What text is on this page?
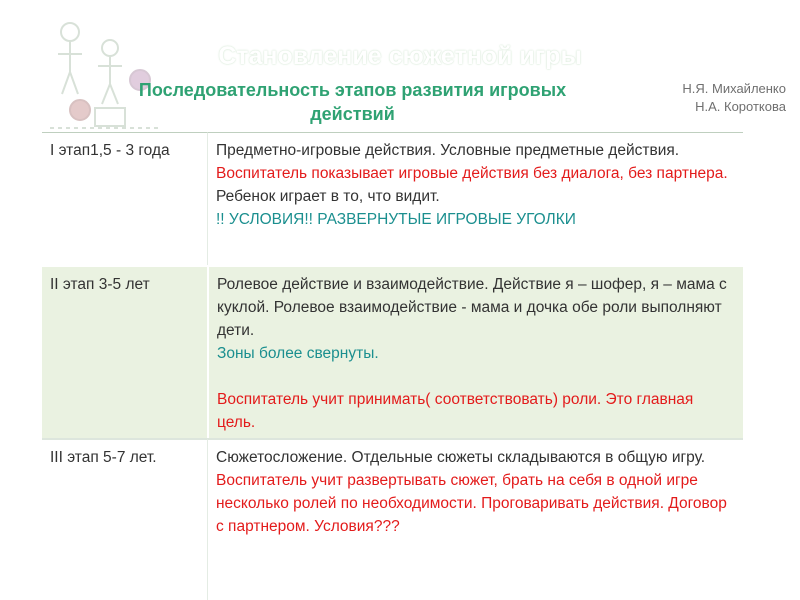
Становление сюжетной игры
Последовательность этапов развития игровых
действий
Н.Я. Михайленко
Н.А. Короткова
I этап1,5 - 3 года	Предметно-игровые действия. Условные предметные действия.
Воспитатель показывает игровые действия без диалога, без партнера. Ребенок играет в то, что видит.
!! УСЛОВИЯ!! РАЗВЕРНУТЫЕ ИГРОВЫЕ УГОЛКИ
II этап 3-5 лет	Ролевое действие и взаимодействие. Действие я – шофер, я – мама с куклой. Ролевое взаимодействие - мама и дочка обе роли выполняют дети.
Зоны более свернуты.

Воспитатель учит принимать( соответствовать) роли. Это главная цель.
III этап 5-7 лет.	Сюжетосложение. Отдельные сюжеты складываются в общую игру.
Воспитатель учит развертывать сюжет, брать на себя в одной игре несколько ролей по необходимости. Проговаривать действия. Договор с партнером. Условия???
